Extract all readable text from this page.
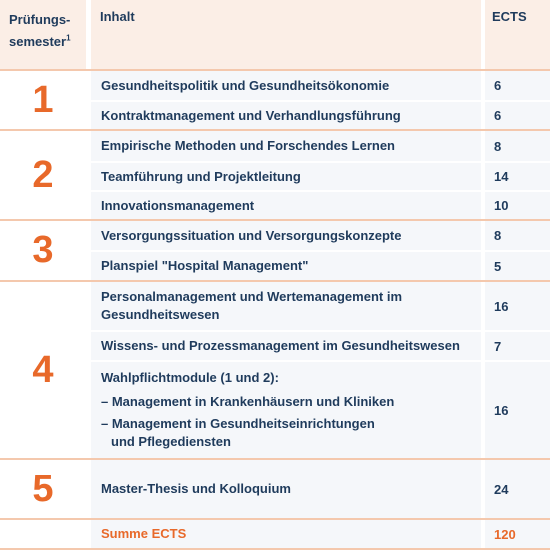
Prüfungs-
semester$^1$		Inhalt		ECTS
1		Gesundheitspolitik und Gesundheitsökonomie		6
		Kontraktmanagement und Verhandlungsführung		6
2		Empirische Methoden und Forschendes Lernen		8
		Teamführung und Projektleitung		14
		Innovationsmanagement		10
3		Versorgungssituation und Versorgungskonzepte		8
		Planspiel "Hospital Management"		5
4		Personalmanagement und Wertemanagement im Gesundheitswesen		16
		Wissens- und Prozessmanagement im Gesundheitswesen		7

		Wahlpflichtmodule (1 und 2):
– Management in Krankenhäusern und Kliniken
– Management in Gesundheitseinrichtungen
und Pflegediensten		16
5		Master-Thesis und Kolloquium		24
		Summe ECTS		120
